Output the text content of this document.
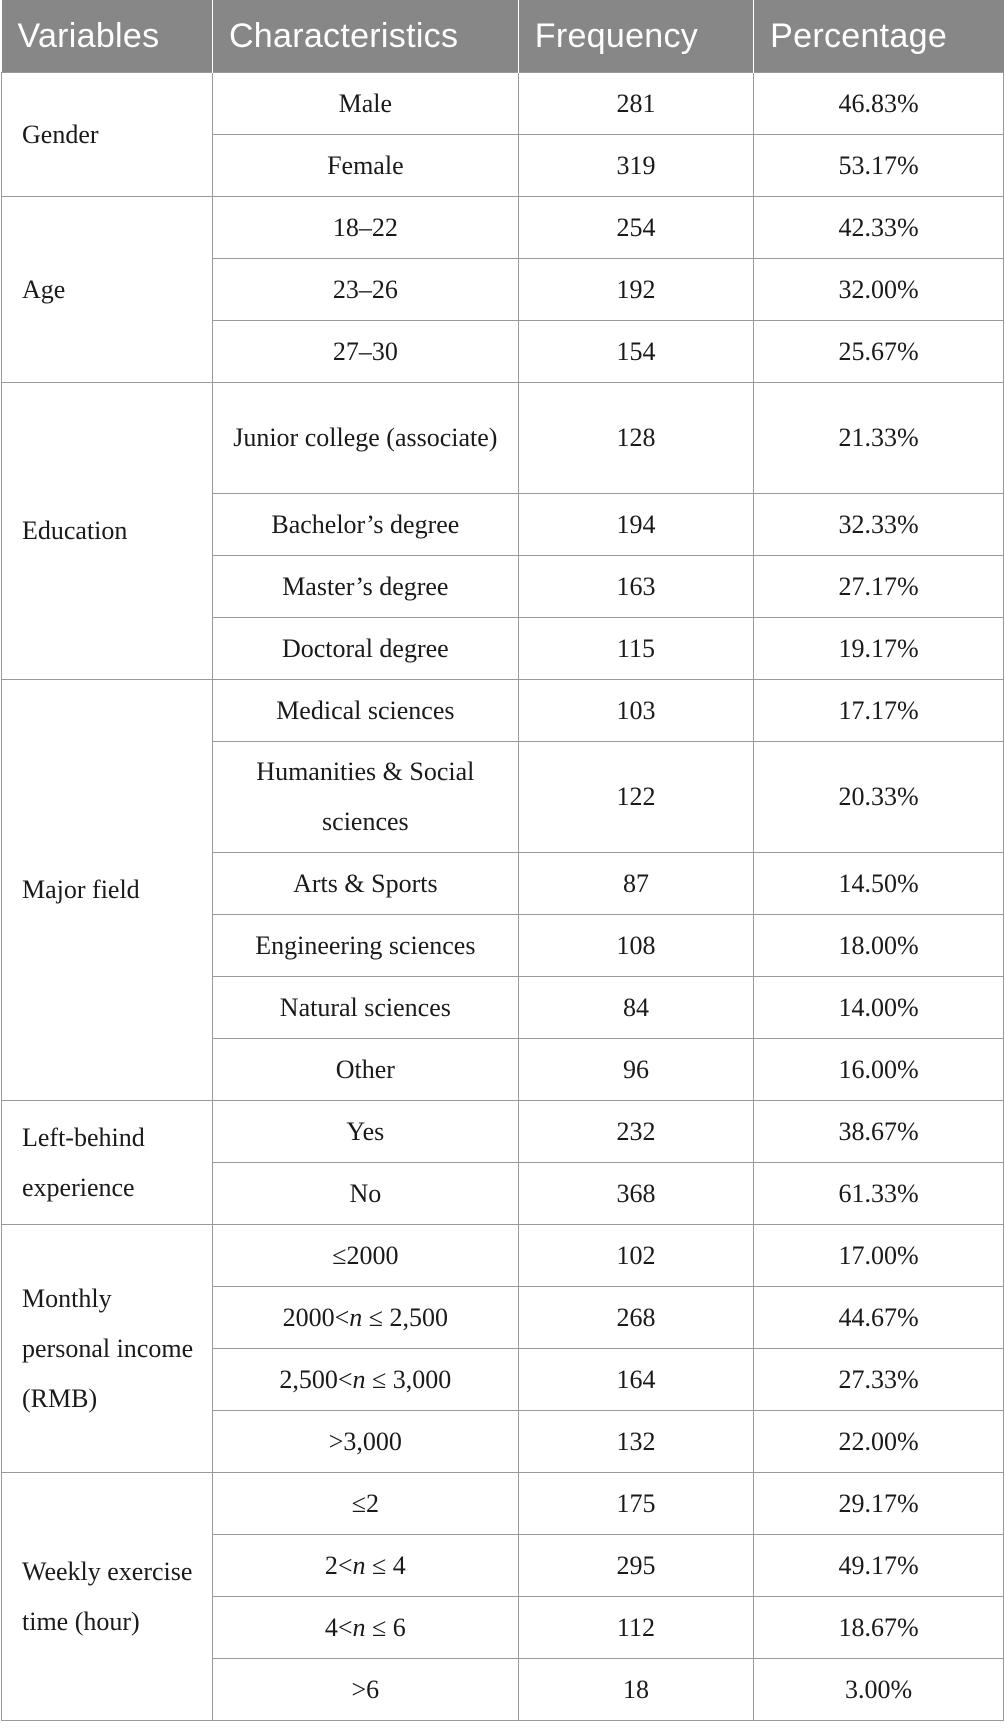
Variables	Characteristics	Frequency	Percentage
Gender	Male	281	46.83%
	Female	319	53.17%
Age	18–22	254	42.33%
	23–26	192	32.00%
	27–30	154	25.67%
Education	Junior college (associate)	128	21.33%
	Bachelor’s degree	194	32.33%
	Master’s degree	163	27.17%
	Doctoral degree	115	19.17%
Major field	Medical sciences	103	17.17%
	Humanities & Social sciences	122	20.33%
	Arts & Sports	87	14.50%
	Engineering sciences	108	18.00%
	Natural sciences	84	14.00%
	Other	96	16.00%
Left-behind experience	Yes	232	38.67%
	No	368	61.33%
Monthly personal income (RMB)	≤2000	102	17.00%
	2000<n ≤ 2,500	268	44.67%
	2,500<n ≤ 3,000	164	27.33%
	>3,000	132	22.00%
Weekly exercise time (hour)	≤2	175	29.17%
	2<n ≤ 4	295	49.17%
	4<n ≤ 6	112	18.67%
	>6	18	3.00%
